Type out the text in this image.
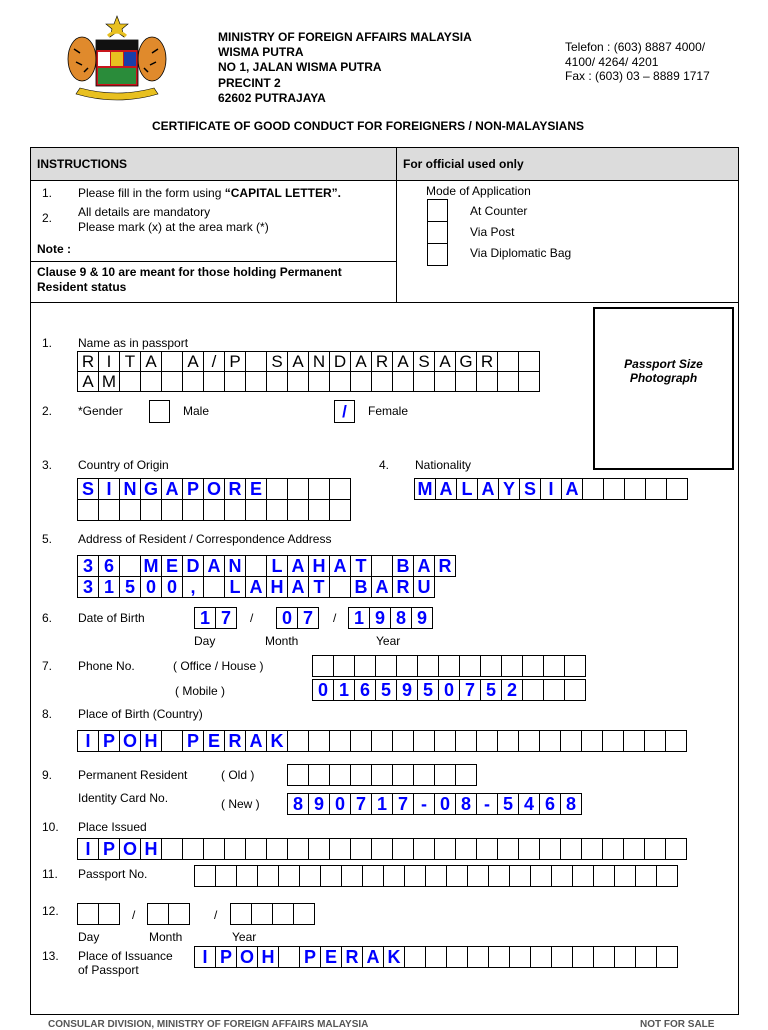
MINISTRY OF FOREIGN AFFAIRS MALAYSIA
WISMA PUTRA
NO 1, JALAN WISMA PUTRA
PRECINT 2
62602 PUTRAJAYA
Telefon : (603) 8887 4000/
4100/ 4264/ 4201
Fax : (603) 03 – 8889 1717
CERTIFICATE OF GOOD CONDUCT FOR FOREIGNERS / NON-MALAYSIANS
INSTRUCTIONS	For official used only
1. Please fill in the form using “CAPITAL LETTER”.
2. All details are mandatory
Please mark (x) at the area mark (*)
Note :
Clause 9 & 10 are meant for those holding Permanent
Resident status
Mode of Application
At Counter
Via Post
Via Diplomatic Bag
Passport Size
Photograph
1. Name as in passport
R I T A	A / P	S A N D A R A S A G R
A M
2. *Gender	Male	/ Female
3. Country of Origin
S I N G A P O R E
4. Nationality
M A L A Y S I A
5. Address of Resident / Correspondence Address
3 6	M E D A N	L A H A T	B A R
3 1 5 0 0 ,	L A H A T	B A R U
6. Date of Birth	1 7	/	0 7	/ 1 9 8 9
Day	Month	Year
7. Phone No.	( Office / House )
( Mobile )	0 1 6 5 9 5 0 7 5 2
8. Place of Birth (Country)
I P O H P E R A K
9. Permanent Resident
Identity Card No.
( Old )
( New )	8 9 0 7 1 7 - 0 8 - 5 4 6 8
10. Place Issued
I P O H
11. Passport No.
12.	/	/
Day	Month	Year
13. Place of Issuance
of Passport
I P O H P E R A K
CONSULAR DIVISION, MINISTRY OF FOREIGN AFFAIRS MALAYSIA	NOT FOR SALE
